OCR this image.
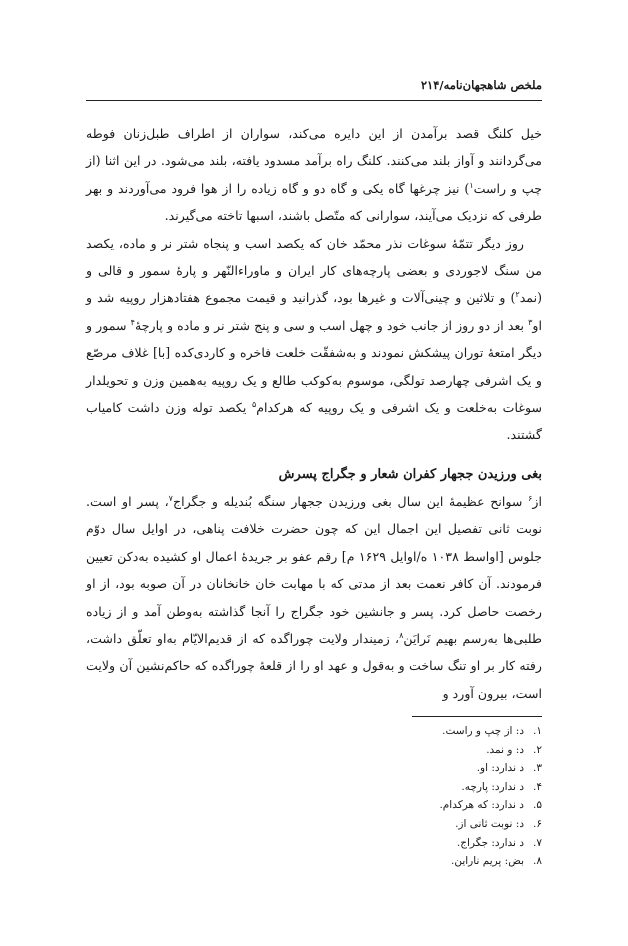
ملخص شاهجهان‌نامه/۲۱۴

خیل کلنگ قصد برآمدن از این دایره می‌کند، سواران از اطراف طبل‌زنان فوطه می‌گردانند و آواز بلند می‌کنند. کلنگ راه برآمد مسدود یافته، بلند می‌شود. در این اثنا (از چپ و راست$^۱$) نیز چرغها گاه یکی و گاه دو و گاه زیاده را از هوا فرود می‌آوردند و بهر طرفی که نزدیک می‌آیند، سوارانی که متّصل باشند، اسبها تاخته می‌گیرند.

روز دیگر تتمّهٔ سوغات نذر محمّد خان که یکصد اسب و پنجاه شتر نر و ماده، یکصد من سنگ لاجوردی و بعضی پارچه‌های کار ایران و ماوراءالنّهر و پارهٔ سمور و قالی و (نمد$^۲$) و تلاثین و چینی‌آلات و غیرها بود، گذرانید و قیمت مجموع هفتادهزار روپیه شد و او$^۳$ بعد از دو روز از جانب خود و چهل اسب و سی و پنج شتر نر و ماده و پارچهٔ$^۴$ سمور و دیگر امتعهٔ توران پیشکش نمودند و به‌شفقّت خلعت فاخره و کاردی‌کده [با] غلاف مرصّع و یک اشرفی چهارصد تولگی، موسوم به‌کوکب طالع و یک روپیه به‌همین وزن و تحویلدار سوغات به‌خلعت و یک اشرفی و یک روپیه که هرکدام$^۵$ یکصد توله وزن داشت کامیاب گشتند.

بغی ورزیدن ججهار کفران شعار و جگراج پسرش

از$^۶$ سوانح عظیمهٔ این سال بغی ورزیدن ججهار سنگه بُندیله و جگراج$^۷$، پسر او است. نوبت ثانی تفصیل این اجمال این که چون حضرت خلافت پناهی، در اوایل سال دوّم جلوس [اواسط ۱۰۳۸ ه/اوایل ۱۶۲۹ م] رقم عفو بر جریدهٔ اعمال او کشیده به‌دکن تعیین فرمودند. آن کافر نعمت بعد از مدتی که با مهابت خان خانخانان در آن صوبه بود، از او رخصت حاصل کرد. پسر و جانشین خود جگراج را آنجا گذاشته به‌وطن آمد و از زیاده طلبی‌ها به‌رسم بهیم نَرایَن$^۸$، زمیندار ولایت چوراگده که از قدیم‌الایّام به‌او تعلّق داشت، رفته کار بر او تنگ ساخت و به‌قول و عهد او را از قلعهٔ چوراگده که حاکم‌نشین آن ولایت است، بیرون آورد و

۱.د: از چپ و راست.
۲.د: و نمد.
۳.د ندارد: او.
۴.د ندارد: پارچه.
۵.د ندارد: که هرکدام.
۶.د: نوبت ثانی از.
۷.د ندارد: جگراج.
۸.بض: پریم ناراین.
